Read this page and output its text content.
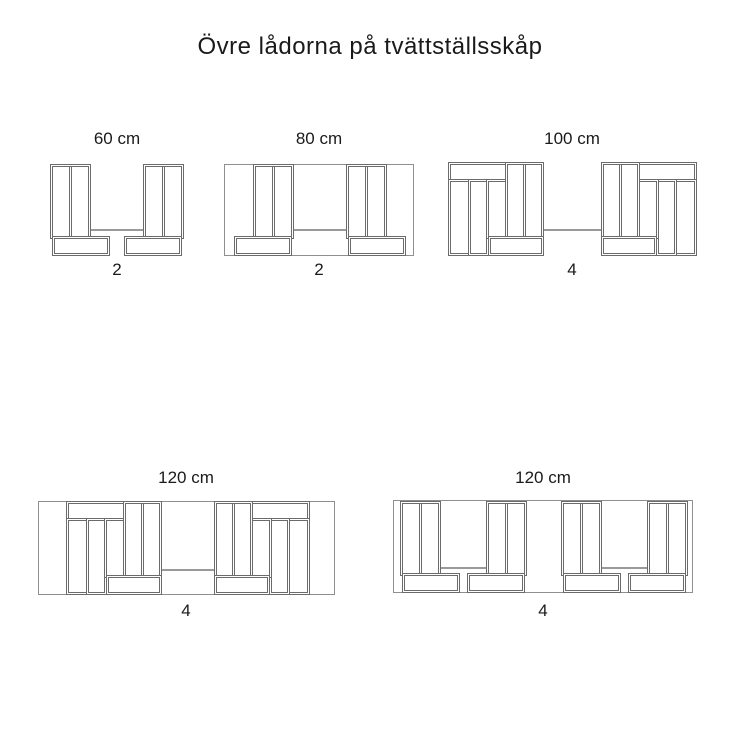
Övre lådorna på tvättställsskåp
60 cm
2
80 cm
2
100 cm
4
120 cm
4
120 cm
4
